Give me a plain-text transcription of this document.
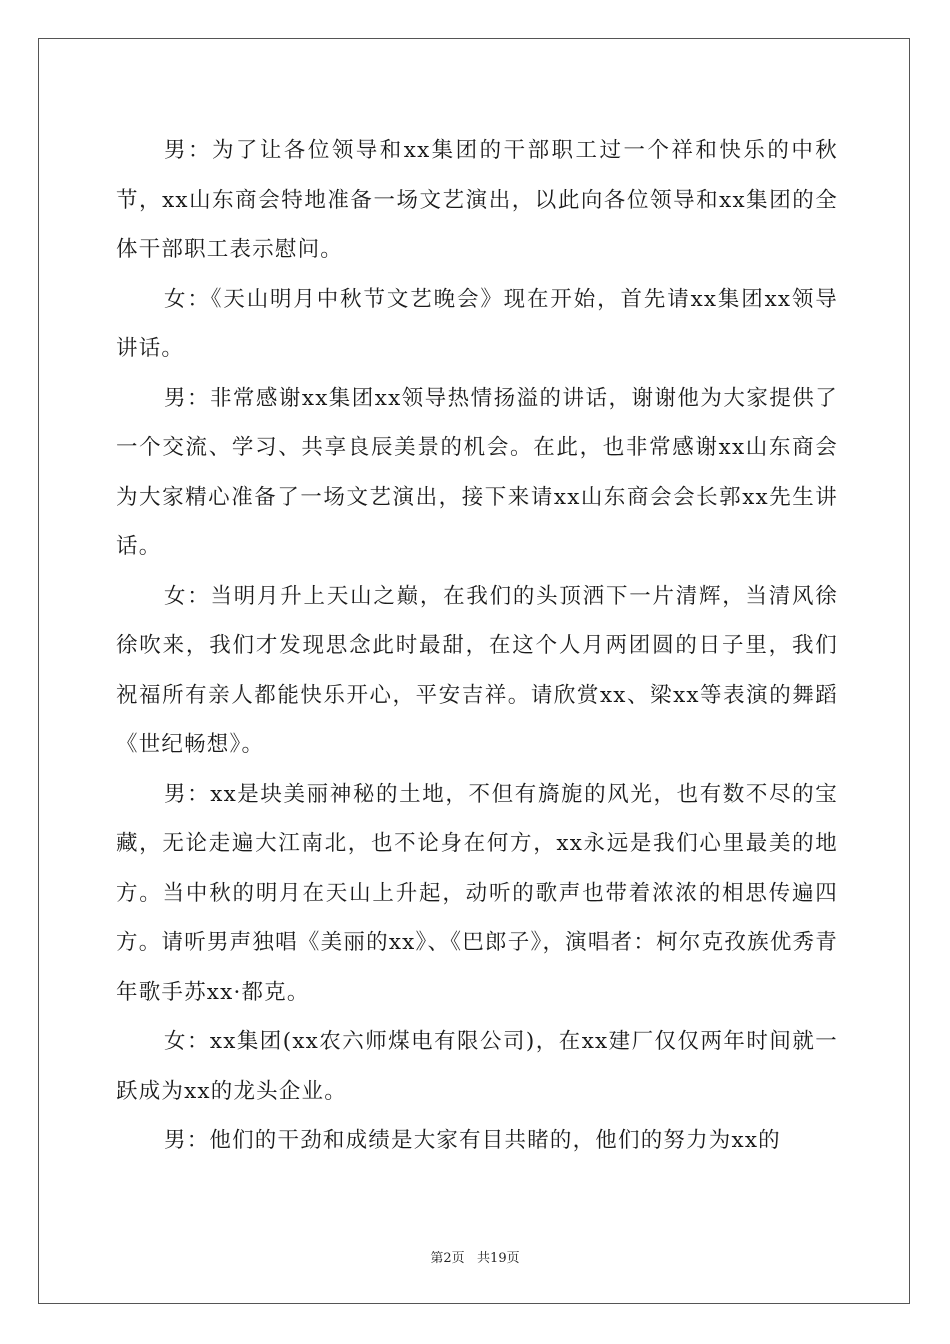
男：为了让各位领导和xx集团的干部职工过一个祥和快乐的中秋节，xx山东商会特地准备一场文艺演出，以此向各位领导和xx集团的全体干部职工表示慰问。

女：《天山明月中秋节文艺晚会》现在开始，首先请xx集团xx领导讲话。

男：非常感谢xx集团xx领导热情扬溢的讲话，谢谢他为大家提供了一个交流、学习、共享良辰美景的机会。在此，也非常感谢xx山东商会为大家精心准备了一场文艺演出，接下来请xx山东商会会长郭xx先生讲话。

女：当明月升上天山之巅，在我们的头顶洒下一片清辉，当清风徐徐吹来，我们才发现思念此时最甜，在这个人月两团圆的日子里，我们祝福所有亲人都能快乐开心，平安吉祥。请欣赏xx、梁xx等表演的舞蹈《世纪畅想》。

男：xx是块美丽神秘的土地，不但有旖旎的风光，也有数不尽的宝藏，无论走遍大江南北，也不论身在何方，xx永远是我们心里最美的地方。当中秋的明月在天山上升起，动听的歌声也带着浓浓的相思传遍四方。请听男声独唱《美丽的xx》、《巴郎子》，演唱者：柯尔克孜族优秀青年歌手苏xx·都克。

女：xx集团(xx农六师煤电有限公司)，在xx建厂仅仅两年时间就一跃成为xx的龙头企业。

男：他们的干劲和成绩是大家有目共睹的，他们的努力为xx的

第2页   共19页
